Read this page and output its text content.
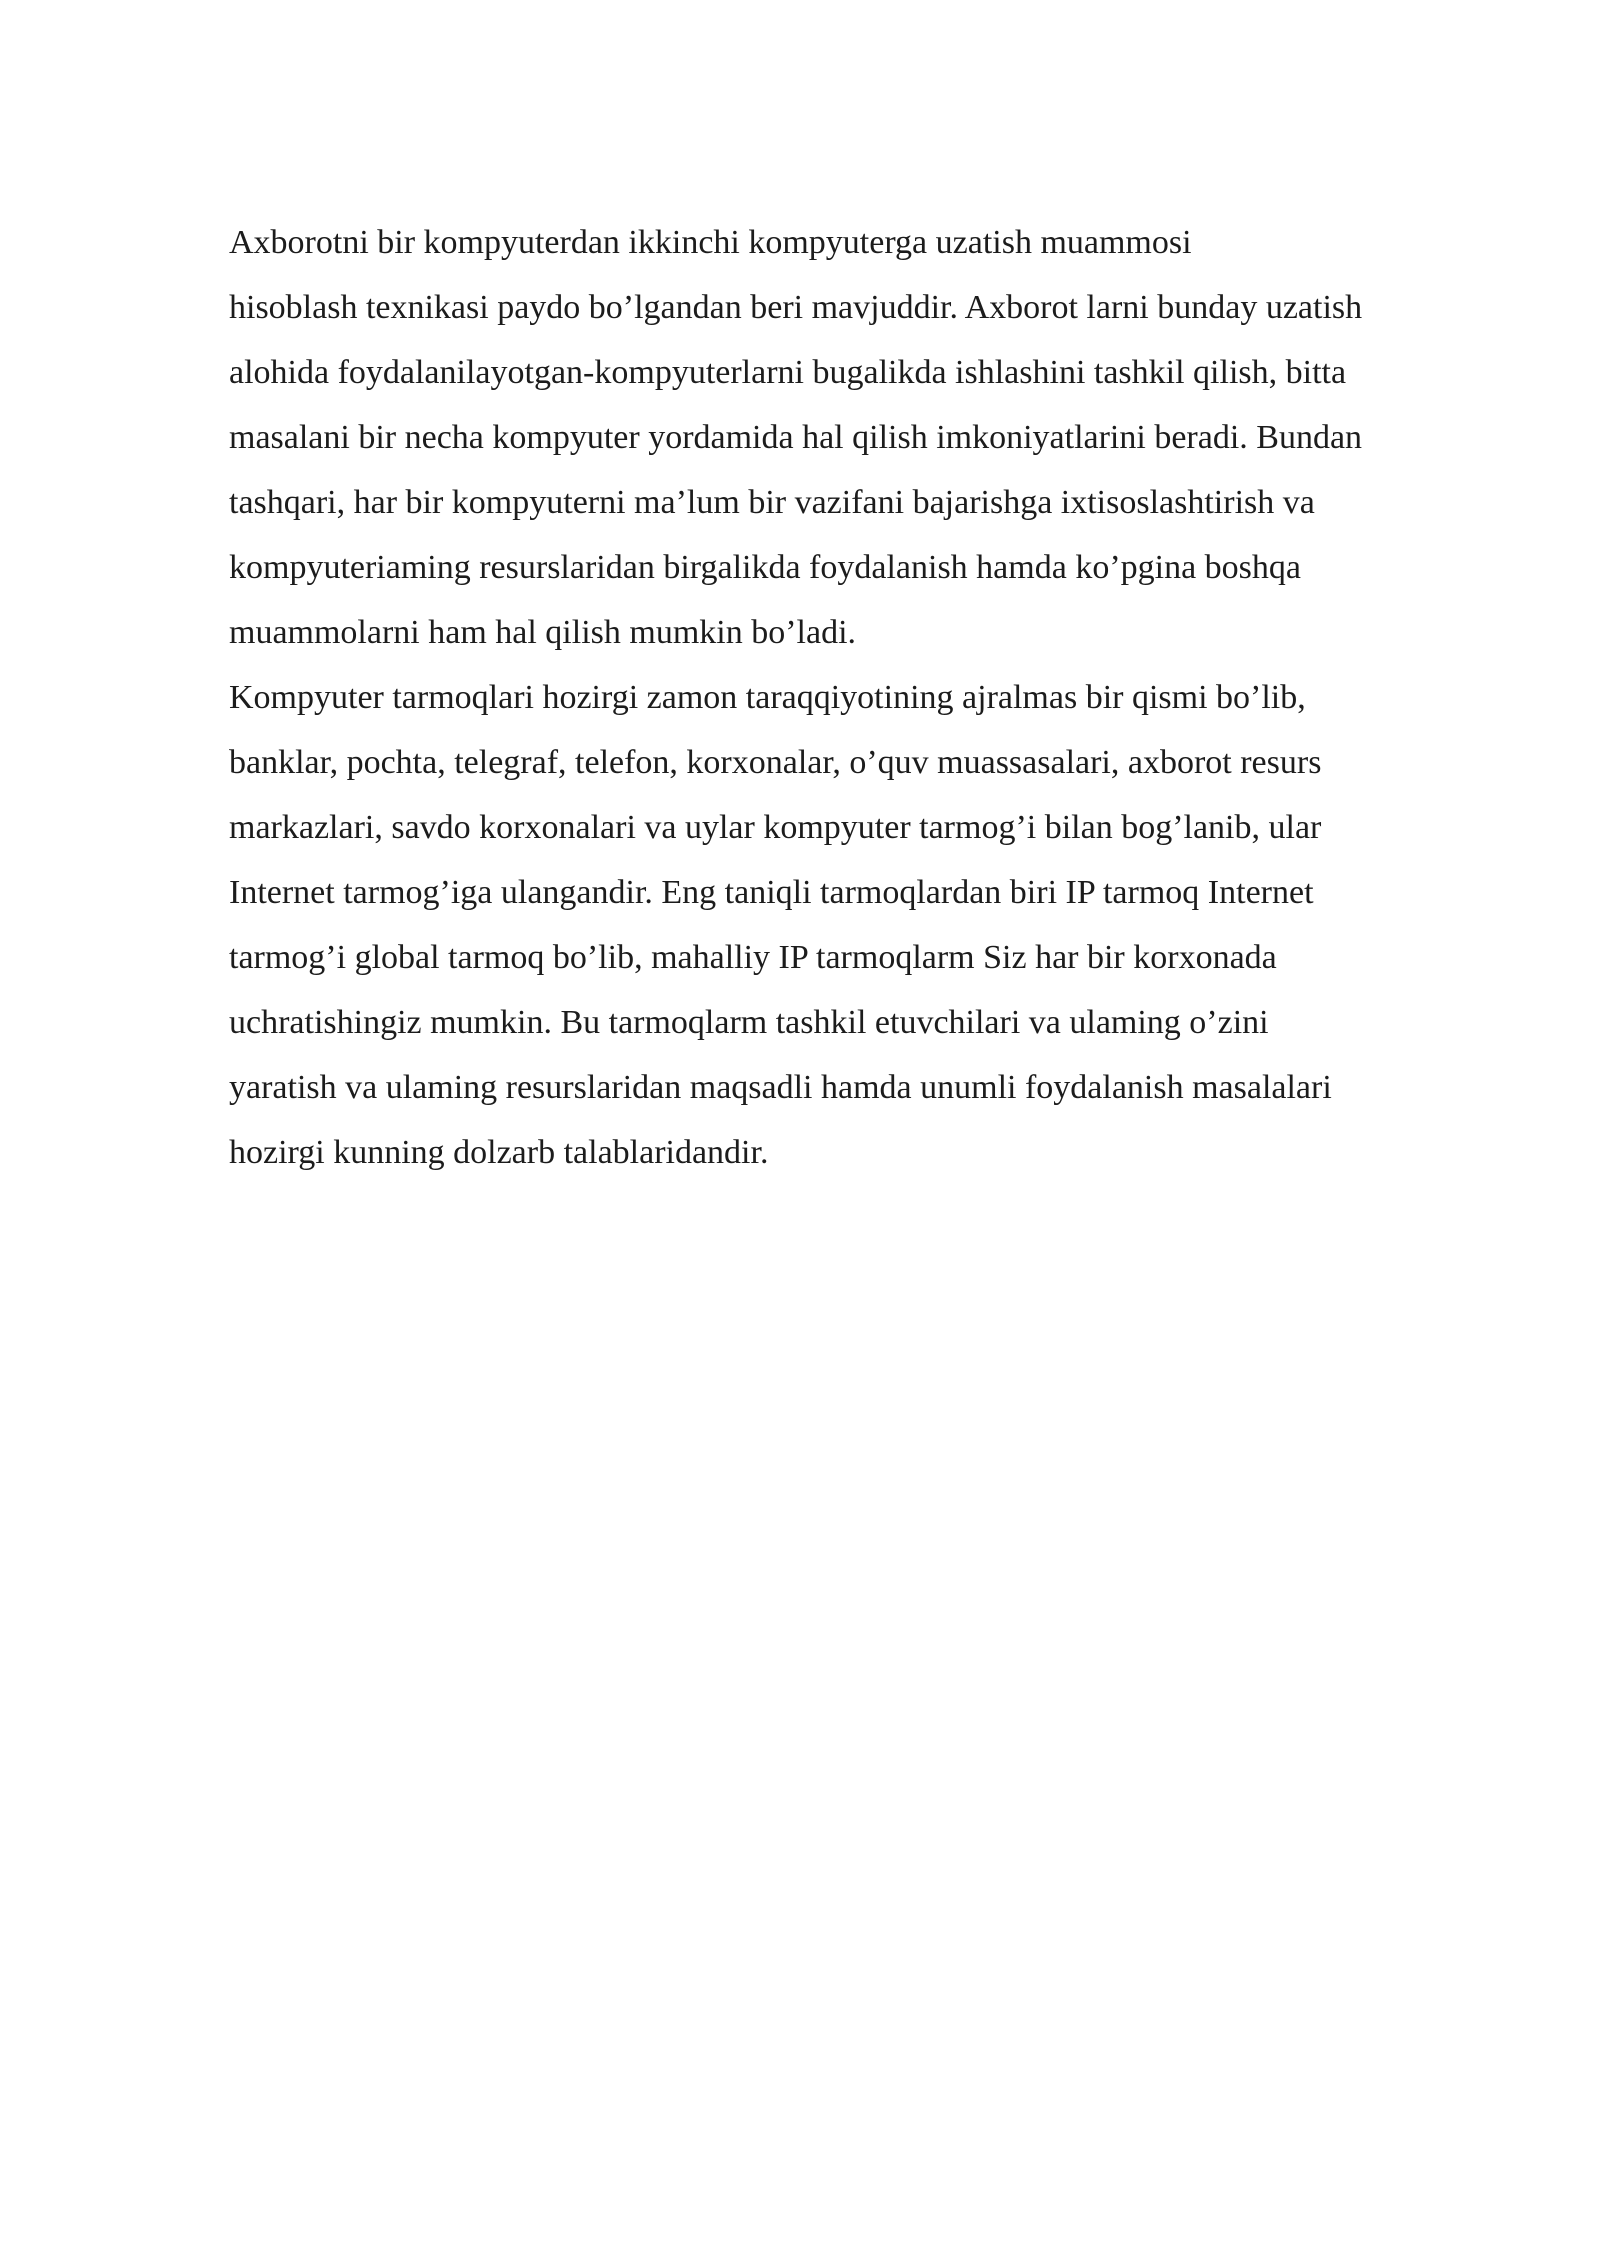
Axborotni bir kompyuterdan ikkinchi kompyuterga uzatish muammosi
hisoblash texnikasi paydo bo’lgandan beri mavjuddir. Axborot larni bunday uzatish
alohida foydalanilayotgan-kompyuterlarni bugalikda ishlashini tashkil qilish, bitta
masalani bir necha kompyuter yordamida hal qilish imkoniyatlarini beradi. Bundan
tashqari, har bir kompyuterni ma’lum bir vazifani bajarishga ixtisoslashtirish va
kompyuteriaming resurslaridan birgalikda foydalanish hamda ko’pgina boshqa
muammolarni ham hal qilish mumkin bo’ladi.
Kompyuter tarmoqlari hozirgi zamon taraqqiyotining ajralmas bir qismi bo’lib,
banklar, pochta, telegraf, telefon, korxonalar, o’quv muassasalari, axborot resurs
markazlari, savdo korxonalari va uylar kompyuter tarmog’i bilan bog’lanib, ular
Internet tarmog’iga ulangandir. Eng taniqli tarmoqlardan biri IP tarmoq Internet
tarmog’i global tarmoq bo’lib, mahalliy IP tarmoqlarm Siz har bir korxonada
uchratishingiz mumkin. Bu tarmoqlarm tashkil etuvchilari va ulaming o’zini
yaratish va ulaming resurslaridan maqsadli hamda unumli foydalanish masalalari
hozirgi kunning dolzarb talablaridandir.
